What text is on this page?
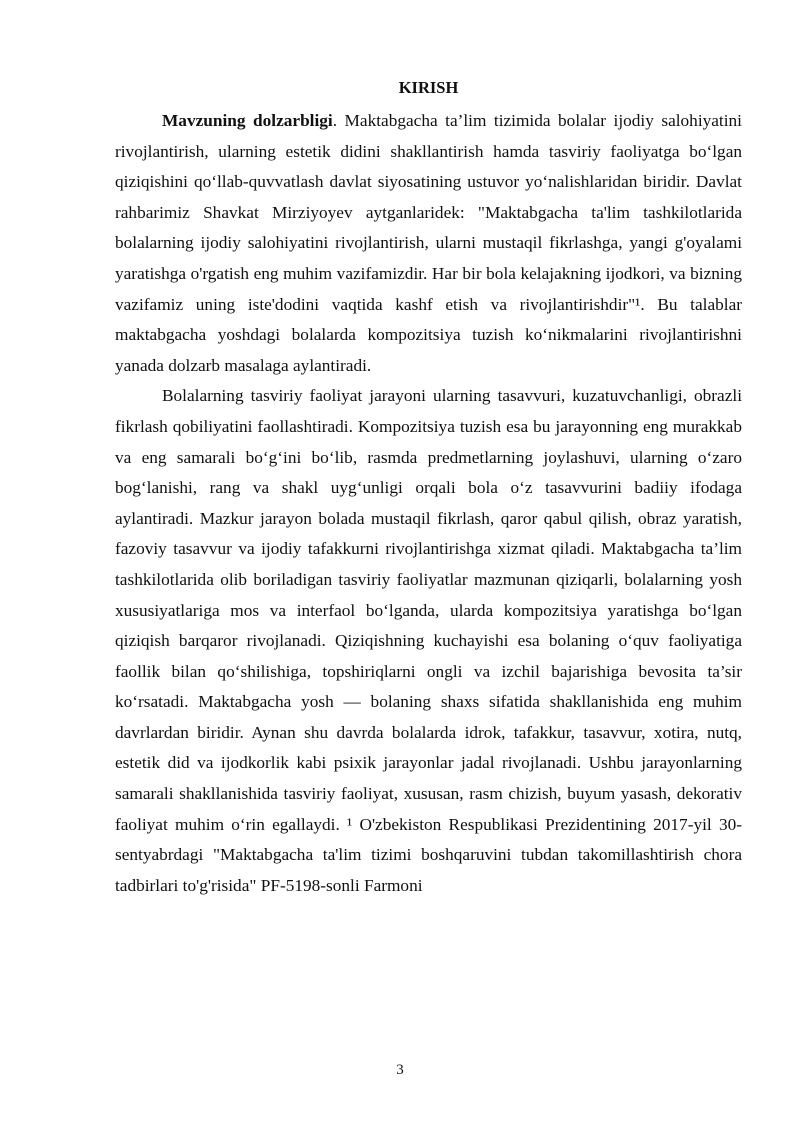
KIRISH

Mavzuning dolzarbligi. Maktabgacha ta’lim tizimida bolalar ijodiy salohiyatini rivojlantirish, ularning estetik didini shakllantirish hamda tasviriy faoliyatga bo‘lgan qiziqishini qo‘llab-quvvatlash davlat siyosatining ustuvor yo‘nalishlaridan biridir. Davlat rahbarimiz Shavkat Mirziyoyev aytganlaridek: "Maktabgacha ta'lim tashkilotlarida bolalarning ijodiy salohiyatini rivojlantirish, ularni mustaqil fikrlashga, yangi g'oyalami yaratishga o'rgatish eng muhim vazifamizdir. Har bir bola kelajakning ijodkori, va bizning vazifamiz uning iste'dodini vaqtida kashf etish va rivojlantirishdir"¹. Bu talablar maktabgacha yoshdagi bolalarda kompozitsiya tuzish ko‘nikmalarini rivojlantirishni yanada dolzarb masalaga aylantiradi.

Bolalarning tasviriy faoliyat jarayoni ularning tasavvuri, kuzatuvchanligi, obrazli fikrlash qobiliyatini faollashtiradi. Kompozitsiya tuzish esa bu jarayonning eng murakkab va eng samarali bo‘g‘ini bo‘lib, rasmda predmetlarning joylashuvi, ularning o‘zaro bog‘lanishi, rang va shakl uyg‘unligi orqali bola o‘z tasavvurini badiiy ifodaga aylantiradi. Mazkur jarayon bolada mustaqil fikrlash, qaror qabul qilish, obraz yaratish, fazoviy tasavvur va ijodiy tafakkurni rivojlantirishga xizmat qiladi. Maktabgacha ta’lim tashkilotlarida olib boriladigan tasviriy faoliyatlar mazmunan qiziqarli, bolalarning yosh xususiyatlariga mos va interfaol bo‘lganda, ularda kompozitsiya yaratishga bo‘lgan qiziqish barqaror rivojlanadi. Qiziqishning kuchayishi esa bolaning o‘quv faoliyatiga faollik bilan qo‘shilishiga, topshiriqlarni ongli va izchil bajarishiga bevosita ta’sir ko‘rsatadi. Maktabgacha yosh — bolaning shaxs sifatida shakllanishida eng muhim davrlardan biridir. Aynan shu davrda bolalarda idrok, tafakkur, tasavvur, xotira, nutq, estetik did va ijodkorlik kabi psixik jarayonlar jadal rivojlanadi. Ushbu jarayonlarning samarali shakllanishida tasviriy faoliyat, xususan, rasm chizish, buyum yasash, dekorativ faoliyat muhim o‘rin egallaydi. ¹ O'zbekiston Respublikasi Prezidentining 2017-yil 30-sentyabrdagi "Maktabgacha ta'lim tizimi boshqaruvini tubdan takomillashtirish chora tadbirlari to'g'risida" PF-5198-sonli Farmoni

3
